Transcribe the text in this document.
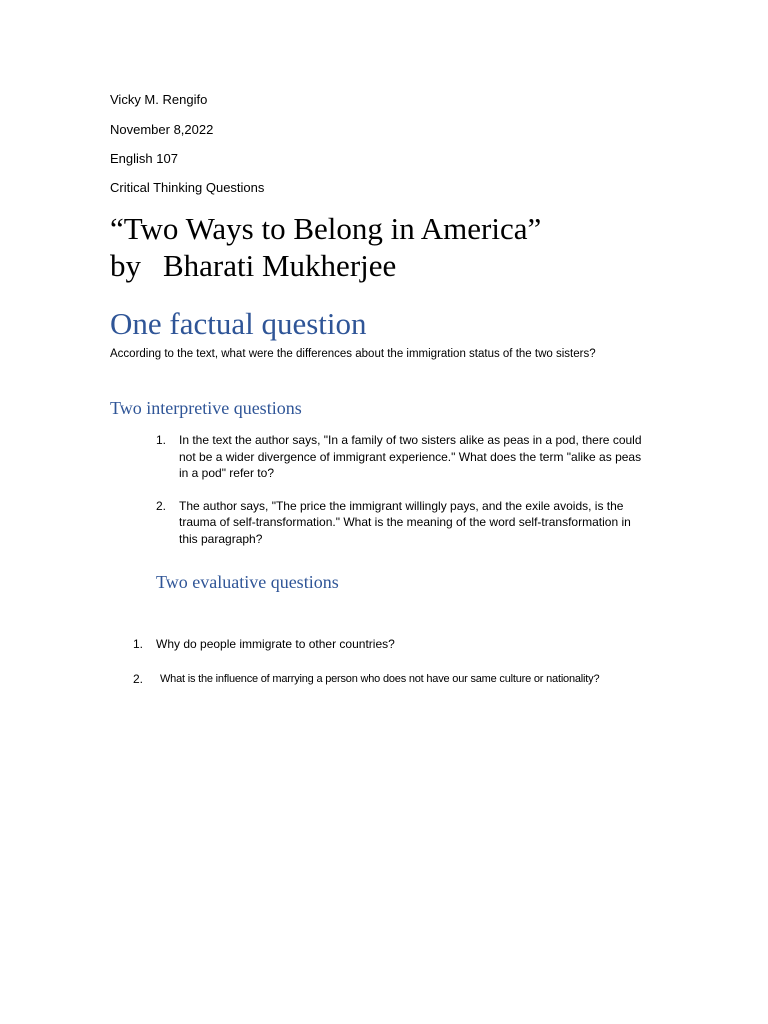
Vicky M. Rengifo
November 8,2022
English 107
Critical Thinking Questions
“Two Ways to Belong in America”
by Bharati Mukherjee
One factual question
According to the text, what were the differences about the immigration status of the two sisters?
Two interpretive questions
1. In the text the author says, "In a family of two sisters alike as peas in a pod, there could not be a wider divergence of immigrant experience." What does the term "alike as peas in a pod" refer to?
2. The author says, "The price the immigrant willingly pays, and the exile avoids, is the trauma of self-transformation." What is the meaning of the word self-transformation in this paragraph?
Two evaluative questions
1. Why do people immigrate to other countries?
2. What is the influence of marrying a person who does not have our same culture or nationality?
